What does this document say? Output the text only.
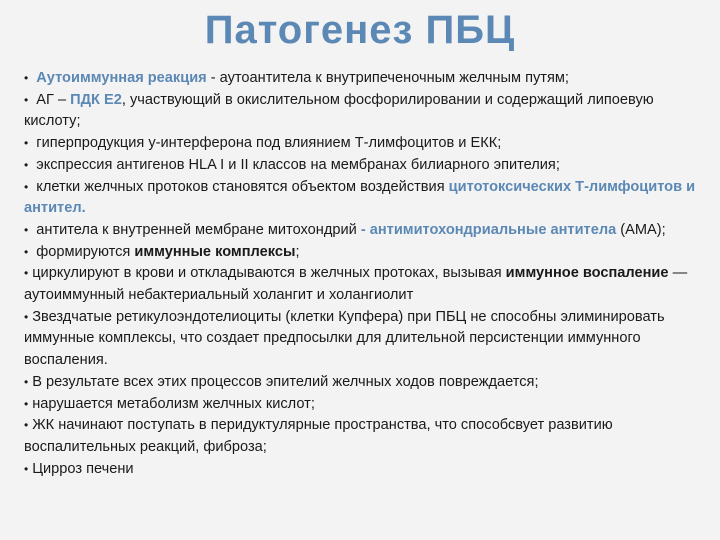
Патогенез ПБЦ

• Аутоиммунная реакция - аутоантитела к внутрипеченочным желчным путям;

• АГ – ПДК Е2, участвующий в окислительном фосфорилировании и содержащий липоевую кислоту;

• гиперпродукция у-интерферона под влиянием Т-лимфоцитов и ЕКК;

• экспрессия антигенов HLA I и II классов на мембранах билиарного эпителия;

• клетки желчных протоков становятся объектом воздействия цитотоксических Т-лимфоцитов и антител.

• антитела к внутренней мембране митохондрий - антимитохондриальные антитела (АМА);

• формируются иммунные комплексы;

• циркулируют в крови и откладываются в желчных протоках, вызывая иммунное воспаление — аутоиммунный небактериальный холангит и холангиолит

• Звездчатые ретикулоэндотелиоциты (клетки Купфера) при ПБЦ не способны элиминировать иммунные комплексы, что создает предпосылки для длительной персистенции иммунного воспаления.

• В результате всех этих процессов эпителий желчных ходов повреждается;

• нарушается метаболизм желчных кислот;

• ЖК начинают поступать в перидуктулярные пространства, что способсвует развитию воспалительных реакций, фиброза;

• Цирроз печени
